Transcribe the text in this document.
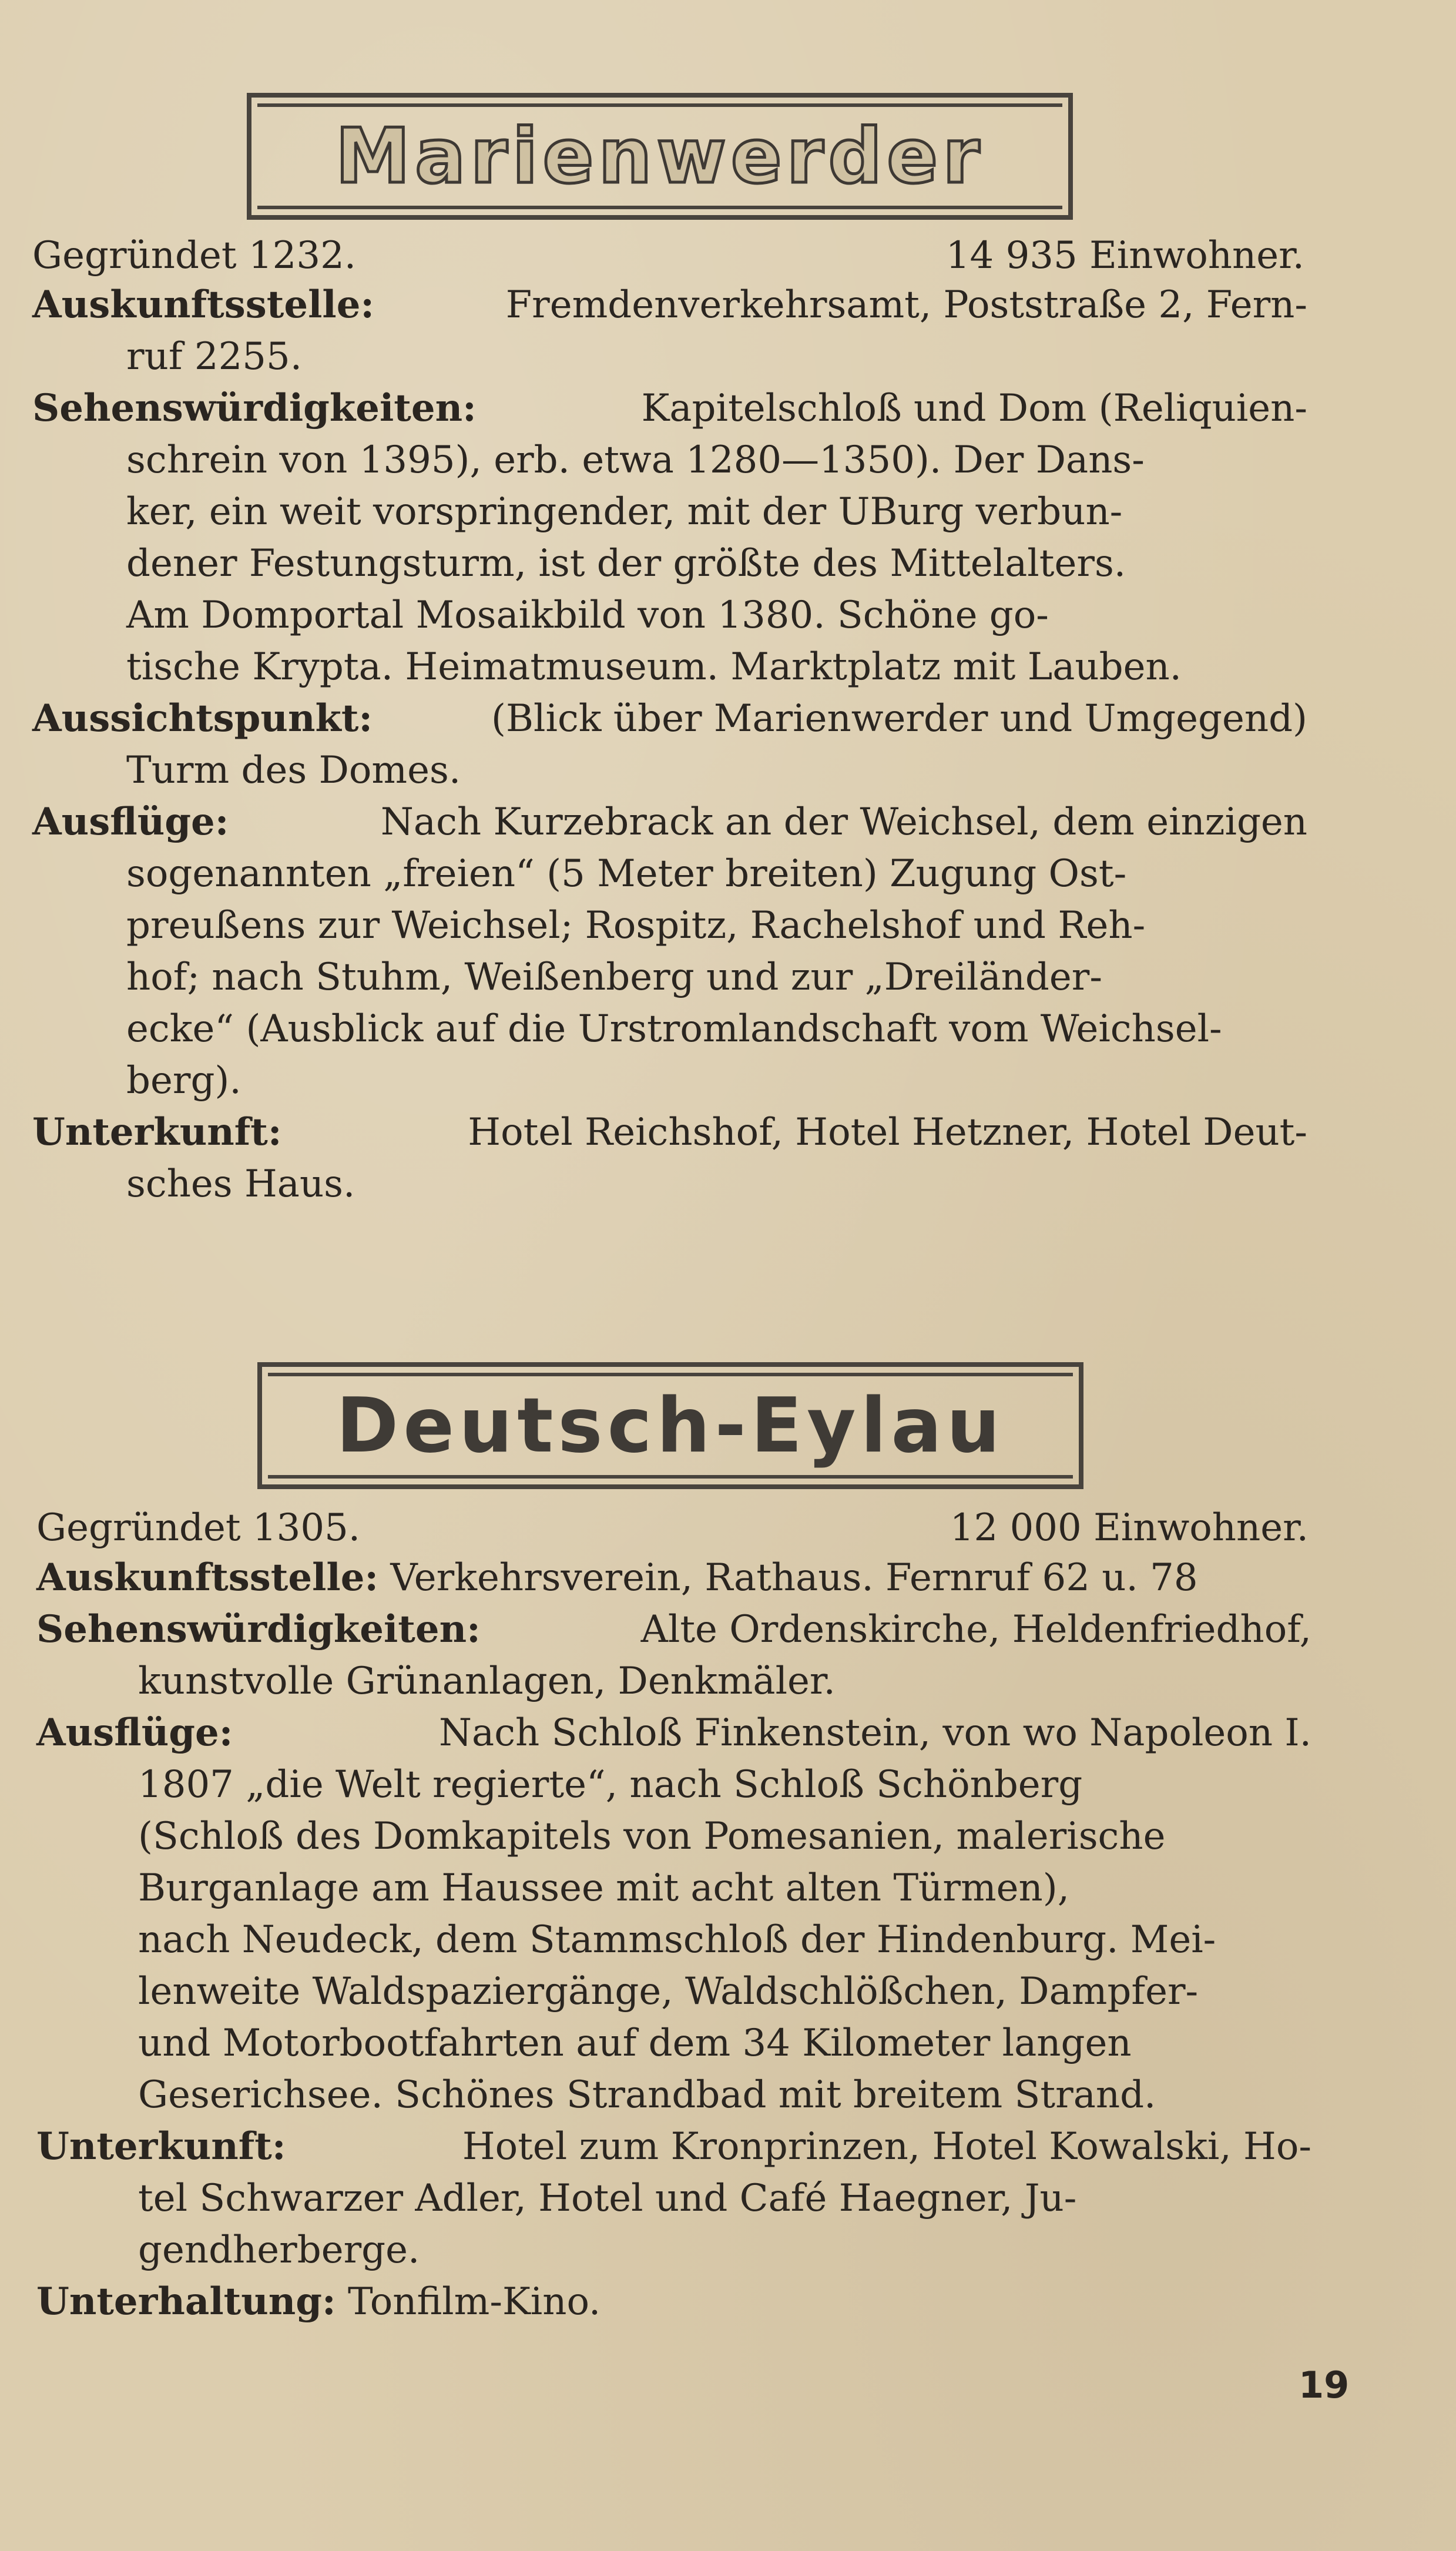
Marienwerder
Gegründet 1232.	14 935 Einwohner.
Auskunftsstelle:	Fremdenverkehrsamt, Poststraße 2, Fern-
ruf 2255.
Sehenswürdigkeiten:	Kapitelschloß und Dom (Reliquien-
schrein von 1395), erb. etwa 1280—1350). Der Dans-
ker, ein weit vorspringender, mit der UBurg verbun-
dener Festungsturm, ist der größte des Mittelalters.
Am Domportal Mosaikbild von 1380. Schöne go-
tische Krypta. Heimatmuseum. Marktplatz mit Lauben.
Aussichtspunkt:	(Blick über Marienwerder und Umgegend)
Turm des Domes.
Ausflüge:	Nach Kurzebrack an der Weichsel, dem einzigen
sogenannten „freien“ (5 Meter breiten) Zugung Ost-
preußens zur Weichsel; Rospitz, Rachelshof und Reh-
hof; nach Stuhm, Weißenberg und zur „Dreiländer-
ecke“ (Ausblick auf die Urstromlandschaft vom Weichsel-
berg).
Unterkunft:	Hotel Reichshof, Hotel Hetzner, Hotel Deut-
sches Haus.
Deutsch-Eylau
Gegründet 1305.	12 000 Einwohner.
Auskunftsstelle: Verkehrsverein, Rathaus. Fernruf 62 u. 78
Sehenswürdigkeiten:	Alte Ordenskirche, Heldenfriedhof,
kunstvolle Grünanlagen, Denkmäler.
Ausflüge:	Nach Schloß Finkenstein, von wo Napoleon I.
1807 „die Welt regierte“, nach Schloß Schönberg
(Schloß des Domkapitels von Pomesanien, malerische
Burganlage am Haussee mit acht alten Türmen),
nach Neudeck, dem Stammschloß der Hindenburg. Mei-
lenweite Waldspaziergänge, Waldschlößchen, Dampfer-
und Motorbootfahrten auf dem 34 Kilometer langen
Geserichsee. Schönes Strandbad mit breitem Strand.
Unterkunft:	Hotel zum Kronprinzen, Hotel Kowalski, Ho-
tel Schwarzer Adler, Hotel und Café Haegner, Ju-
gendherberge.
Unterhaltung: Tonfilm-Kino.
19
